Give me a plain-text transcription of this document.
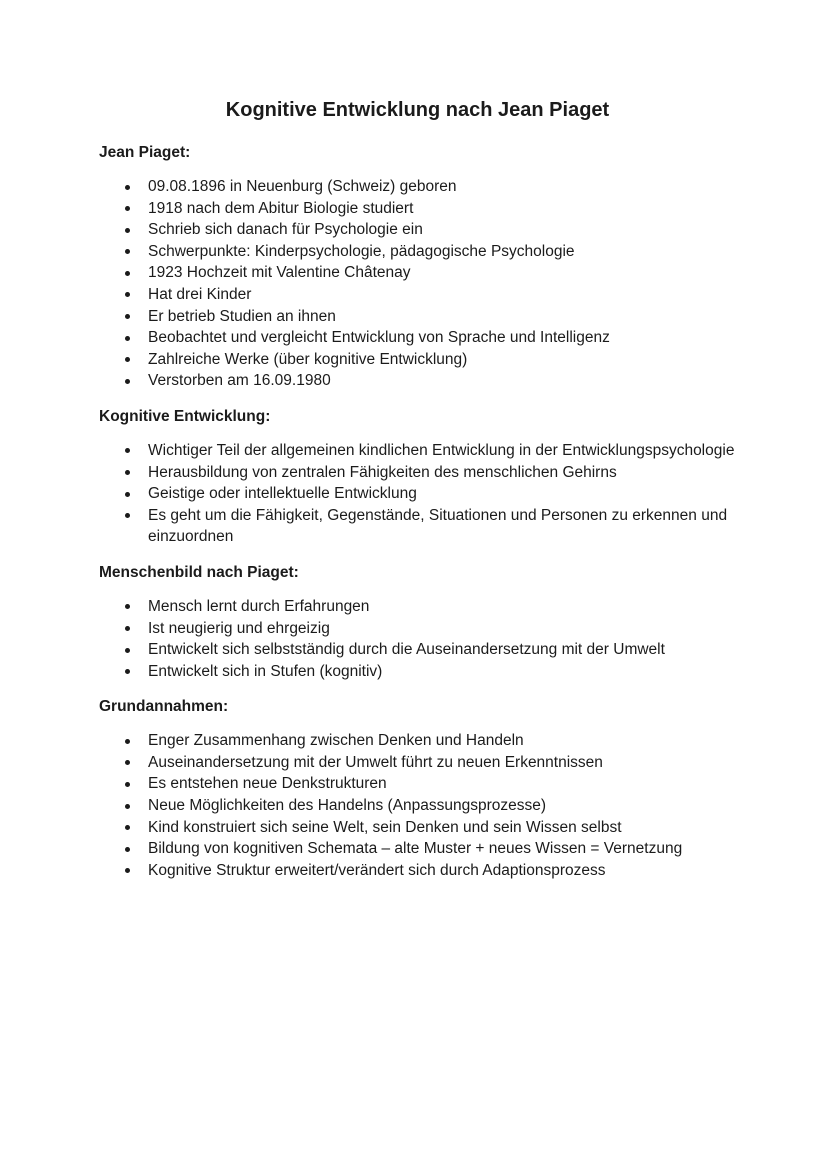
Kognitive Entwicklung nach Jean Piaget
Jean Piaget:
09.08.1896 in Neuenburg (Schweiz) geboren
1918 nach dem Abitur Biologie studiert
Schrieb sich danach für Psychologie ein
Schwerpunkte: Kinderpsychologie, pädagogische Psychologie
1923 Hochzeit mit Valentine Châtenay
Hat drei Kinder
Er betrieb Studien an ihnen
Beobachtet und vergleicht Entwicklung von Sprache und Intelligenz
Zahlreiche Werke (über kognitive Entwicklung)
Verstorben am 16.09.1980
Kognitive Entwicklung:
Wichtiger Teil der allgemeinen kindlichen Entwicklung in der Entwicklungspsychologie
Herausbildung von zentralen Fähigkeiten des menschlichen Gehirns
Geistige oder intellektuelle Entwicklung
Es geht um die Fähigkeit, Gegenstände, Situationen und Personen zu erkennen und einzuordnen
Menschenbild nach Piaget:
Mensch lernt durch Erfahrungen
Ist neugierig und ehrgeizig
Entwickelt sich selbstständig durch die Auseinandersetzung mit der Umwelt
Entwickelt sich in Stufen (kognitiv)
Grundannahmen:
Enger Zusammenhang zwischen Denken und Handeln
Auseinandersetzung mit der Umwelt führt zu neuen Erkenntnissen
Es entstehen neue Denkstrukturen
Neue Möglichkeiten des Handelns (Anpassungsprozesse)
Kind konstruiert sich seine Welt, sein Denken und sein Wissen selbst
Bildung von kognitiven Schemata – alte Muster + neues Wissen = Vernetzung
Kognitive Struktur erweitert/verändert sich durch Adaptionsprozess
